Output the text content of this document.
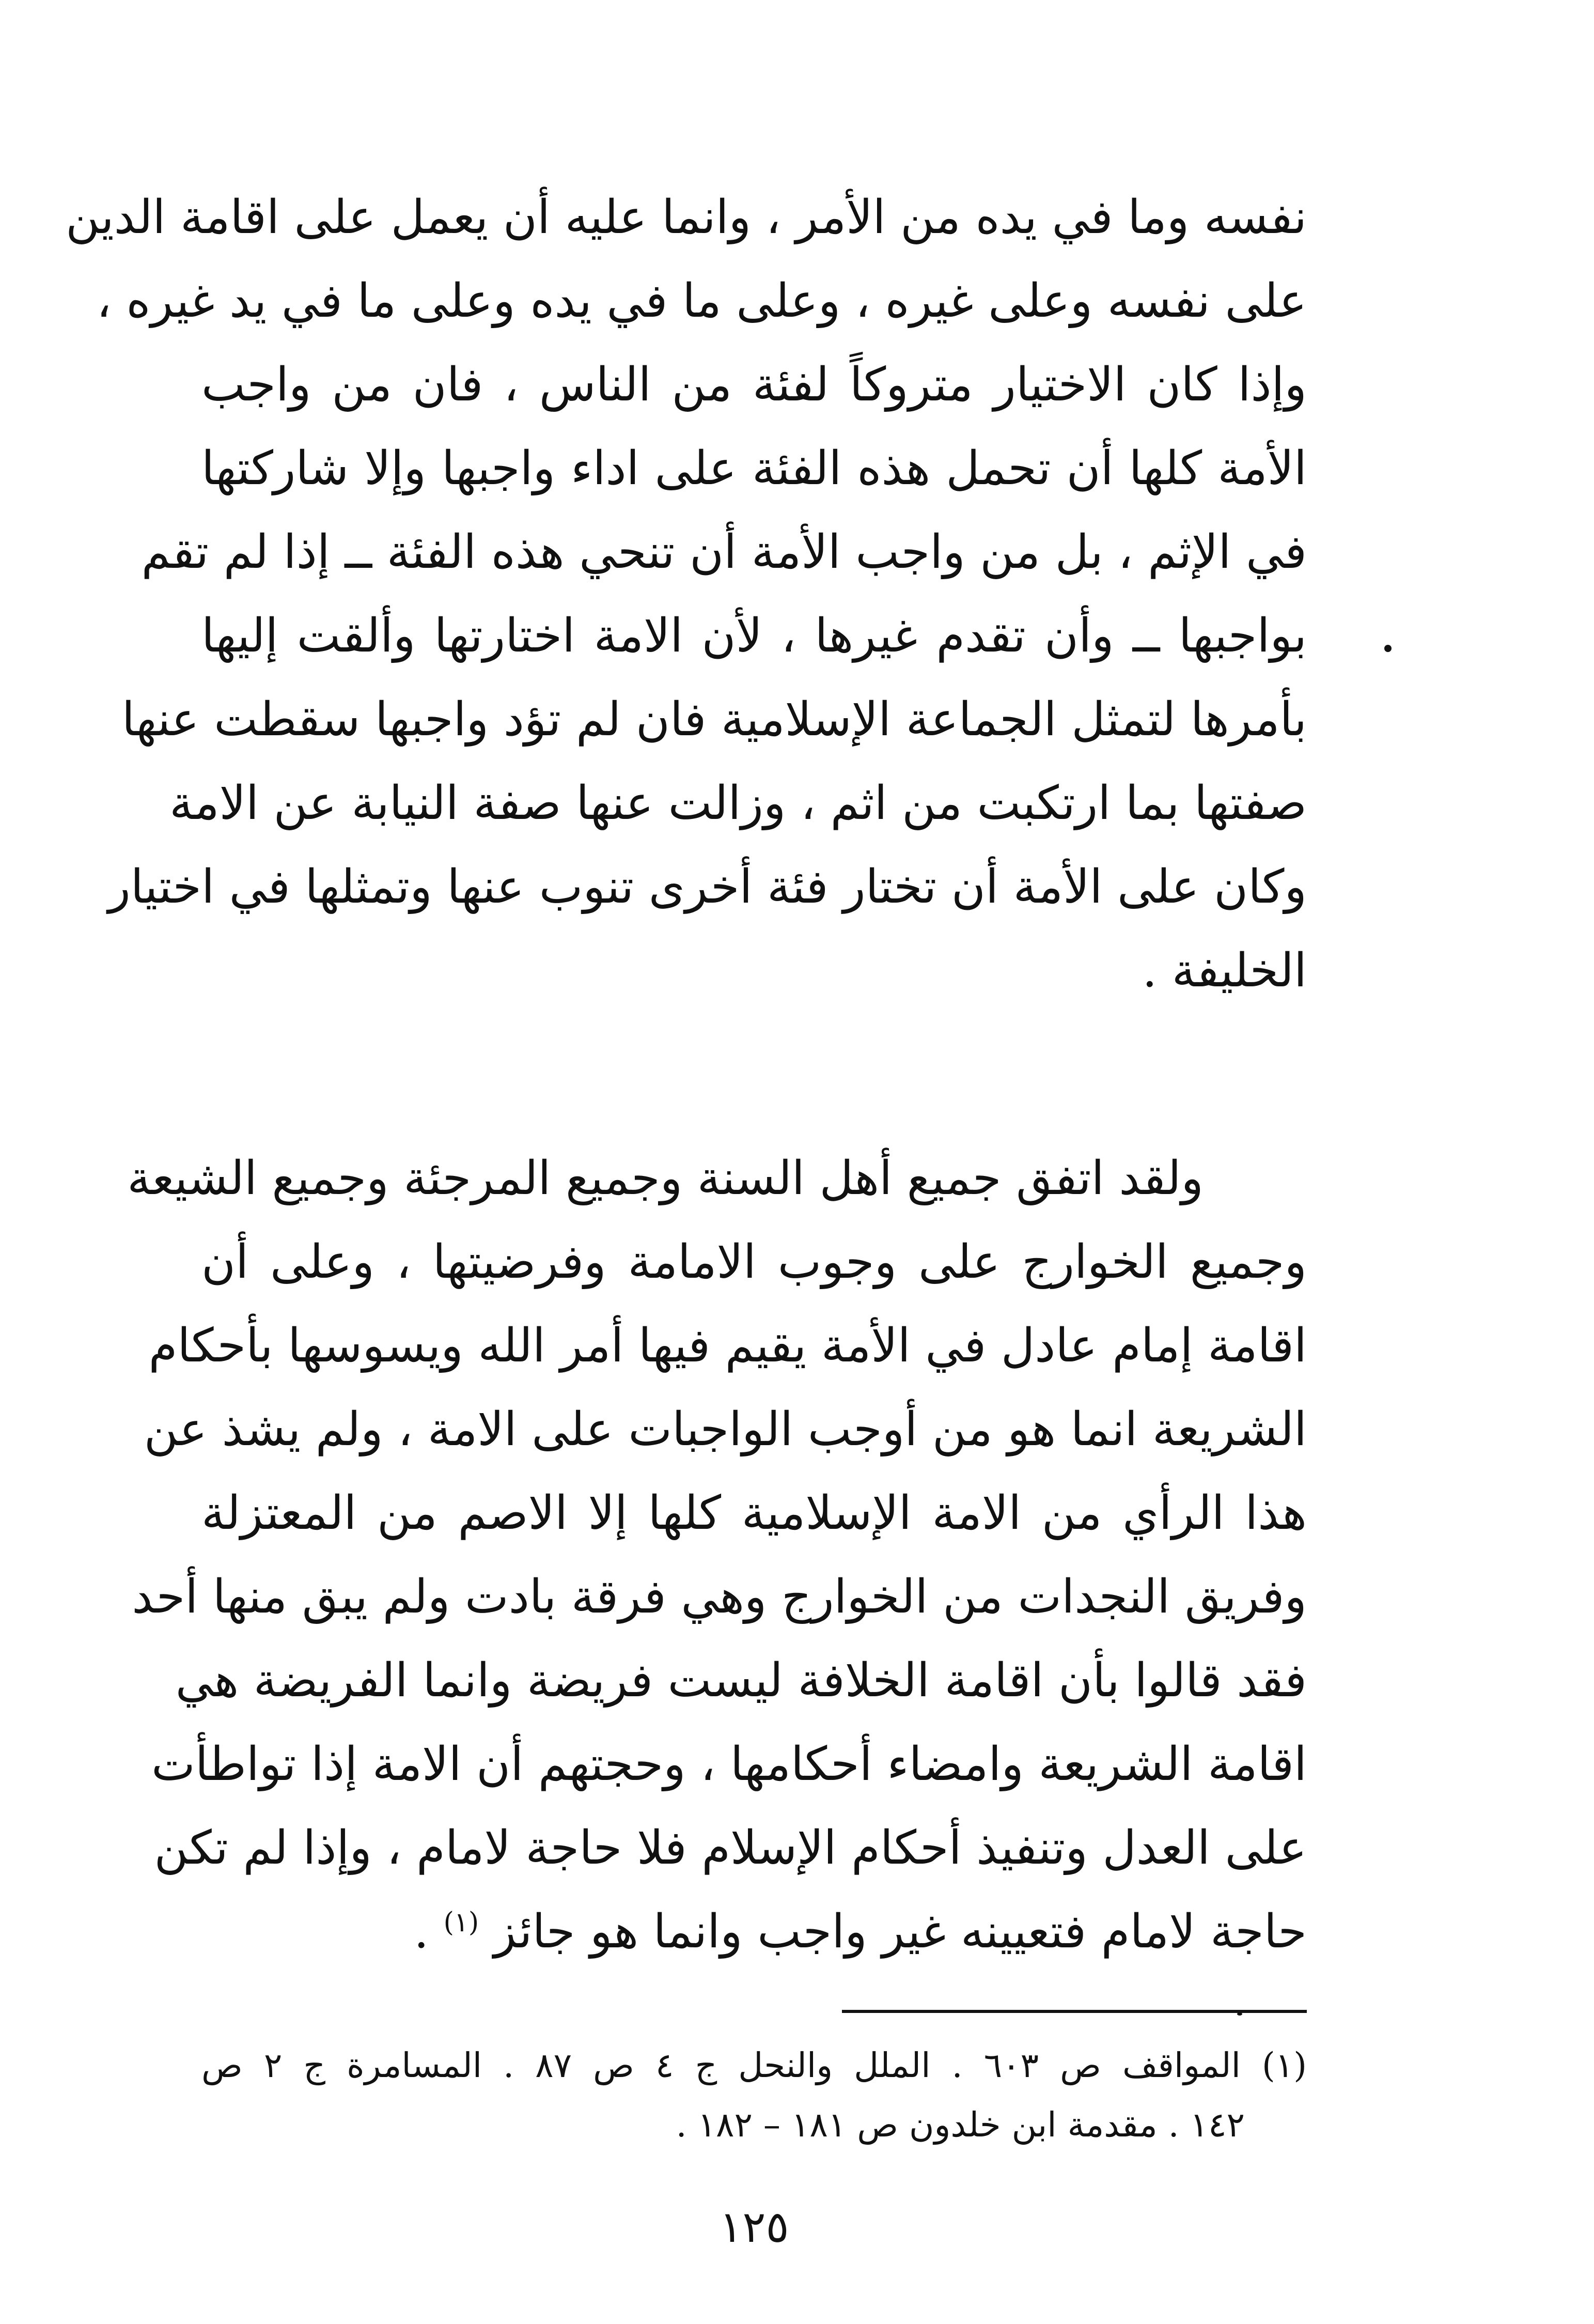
نفسه وما في يده من الأمر ، وانما عليه أن يعمل على اقامة الدين
على نفسه وعلى غيره ، وعلى ما في يده وعلى ما في يد غيره ،
وإذا كان الاختيار متروكاً لفئة من الناس ، فان من واجب
الأمة كلها أن تحمل هذه الفئة على اداء واجبها وإلا شاركتها
في الإثم ، بل من واجب الأمة أن تنحي هذه الفئة ــ إذا لم تقم
بواجبها ــ وأن تقدم غيرها ، لأن الامة اختارتها وألقت إليها
بأمرها لتمثل الجماعة الإسلامية فان لم تؤد واجبها سقطت عنها
صفتها بما ارتكبت من اثم ، وزالت عنها صفة النيابة عن الامة
وكان على الأمة أن تختار فئة أخرى تنوب عنها وتمثلها في اختيار
الخليفة .

ولقد اتفق جميع أهل السنة وجميع المرجئة وجميع الشيعة
وجميع الخوارج على وجوب الامامة وفرضيتها ، وعلى أن
اقامة إمام عادل في الأمة يقيم فيها أمر الله ويسوسها بأحكام
الشريعة انما هو من أوجب الواجبات على الامة ، ولم يشذ عن
هذا الرأي من الامة الإسلامية كلها إلا الاصم من المعتزلة
وفريق النجدات من الخوارج وهي فرقة بادت ولم يبق منها أحد
فقد قالوا بأن اقامة الخلافة ليست فريضة وانما الفريضة هي
اقامة الشريعة وامضاء أحكامها ، وحجتهم أن الامة إذا تواطأت
على العدل وتنفيذ أحكام الإسلام فلا حاجة لامام ، وإذا لم تكن
حاجة لامام فتعيينه غير واجب وانما هو جائز $^{(١)}$ .

(١) المواقف ص ٦٠٣ . الملل والنحل ج ٤ ص ٨٧ . المسامرة ج ٢ ص
١٤٢ . مقدمة ابن خلدون ص ١٨١ – ١٨٢ .

١٢٥
